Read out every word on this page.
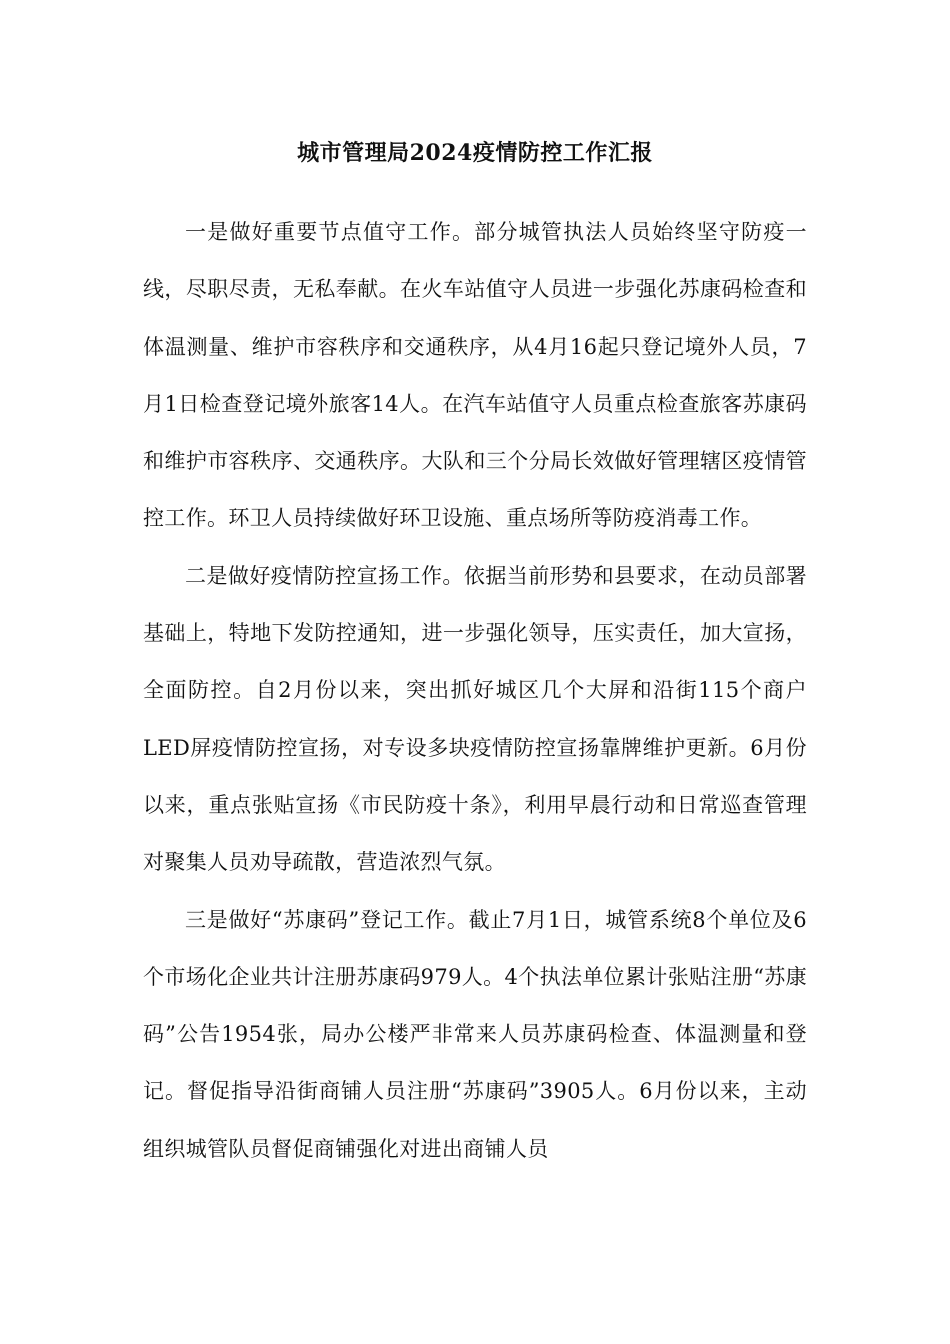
城市管理局2024疫情防控工作汇报

一是做好重要节点值守工作。部分城管执法人员始终坚守防疫一线，尽职尽责，无私奉献。在火车站值守人员进一步强化苏康码检查和体温测量、维护市容秩序和交通秩序，从4月16起只登记境外人员，7月1日检查登记境外旅客14人。在汽车站值守人员重点检查旅客苏康码和维护市容秩序、交通秩序。大队和三个分局长效做好管理辖区疫情管控工作。环卫人员持续做好环卫设施、重点场所等防疫消毒工作。

二是做好疫情防控宣扬工作。依据当前形势和县要求，在动员部署基础上，特地下发防控通知，进一步强化领导，压实责任，加大宣扬，全面防控。自2月份以来，突出抓好城区几个大屏和沿街115个商户LED屏疫情防控宣扬，对专设多块疫情防控宣扬靠牌维护更新。6月份以来，重点张贴宣扬《市民防疫十条》，利用早晨行动和日常巡查管理对聚集人员劝导疏散，营造浓烈气氛。

三是做好“苏康码”登记工作。截止7月1日，城管系统8个单位及6个市场化企业共计注册苏康码979人。4个执法单位累计张贴注册“苏康码”公告1954张，局办公楼严非常来人员苏康码检查、体温测量和登记。督促指导沿街商铺人员注册“苏康码”3905人。6月份以来，主动组织城管队员督促商铺强化对进出商铺人员
